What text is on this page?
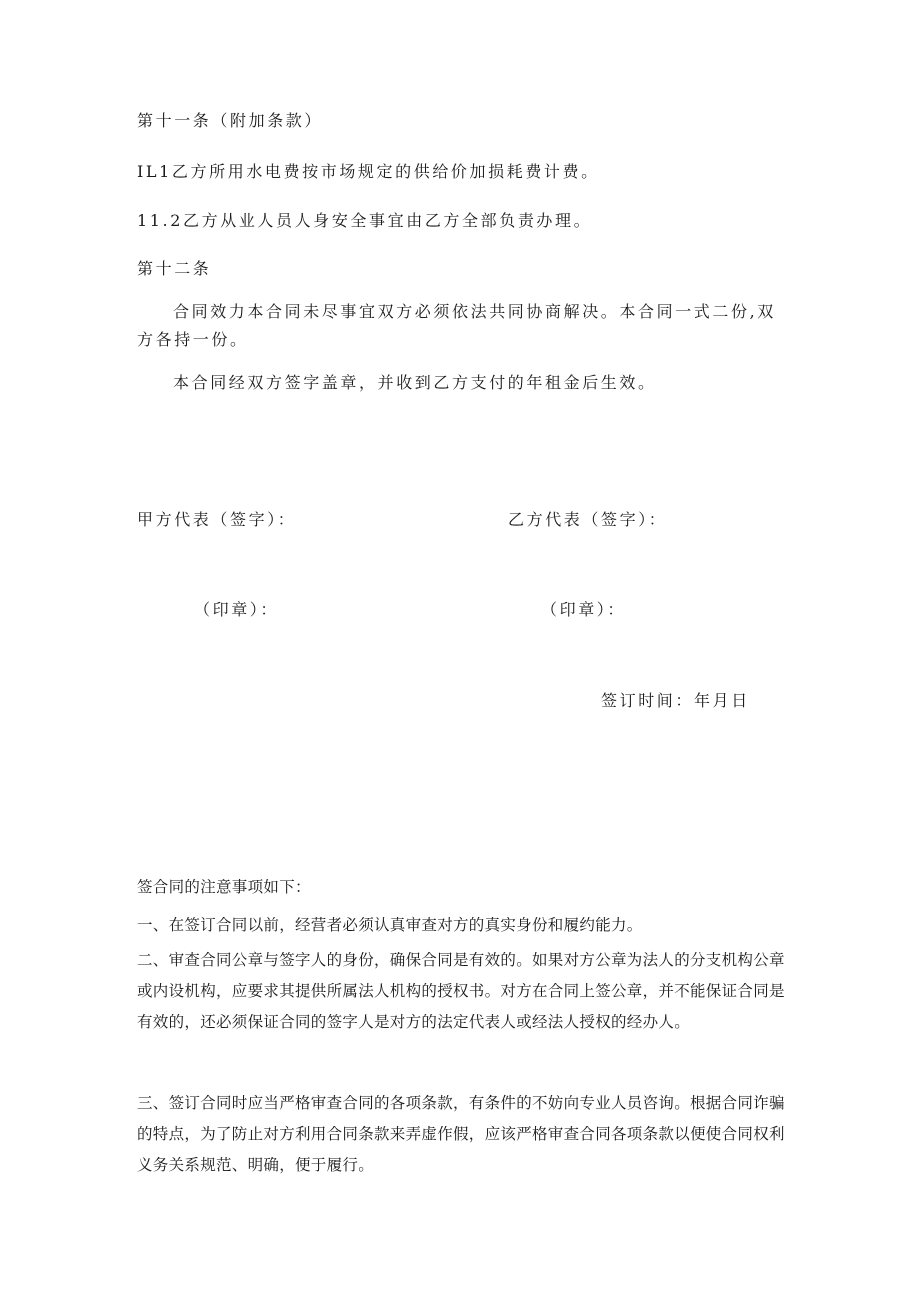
第十一条（附加条款）

IL1乙方所用水电费按市场规定的供给价加损耗费计费。

11.2乙方从业人员人身安全事宜由乙方全部负责办理。

第十二条

合同效力本合同未尽事宜双方必须依法共同协商解决。本合同一式二份,双方各持一份。

本合同经双方签字盖章，并收到乙方支付的年租金后生效。

甲方代表（签字）：	乙方代表（签字）：

（印章）：	（印章）：

签订时间：年月日

签合同的注意事项如下：

一、在签订合同以前，经营者必须认真审查对方的真实身份和履约能力。

二、审查合同公章与签字人的身份，确保合同是有效的。如果对方公章为法人的分支机构公章或内设机构，应要求其提供所属法人机构的授权书。对方在合同上签公章，并不能保证合同是有效的，还必须保证合同的签字人是对方的法定代表人或经法人授权的经办人。

三、签订合同时应当严格审查合同的各项条款，有条件的不妨向专业人员咨询。根据合同诈骗的特点，为了防止对方利用合同条款来弄虚作假，应该严格审查合同各项条款以便使合同权利义务关系规范、明确，便于履行。
